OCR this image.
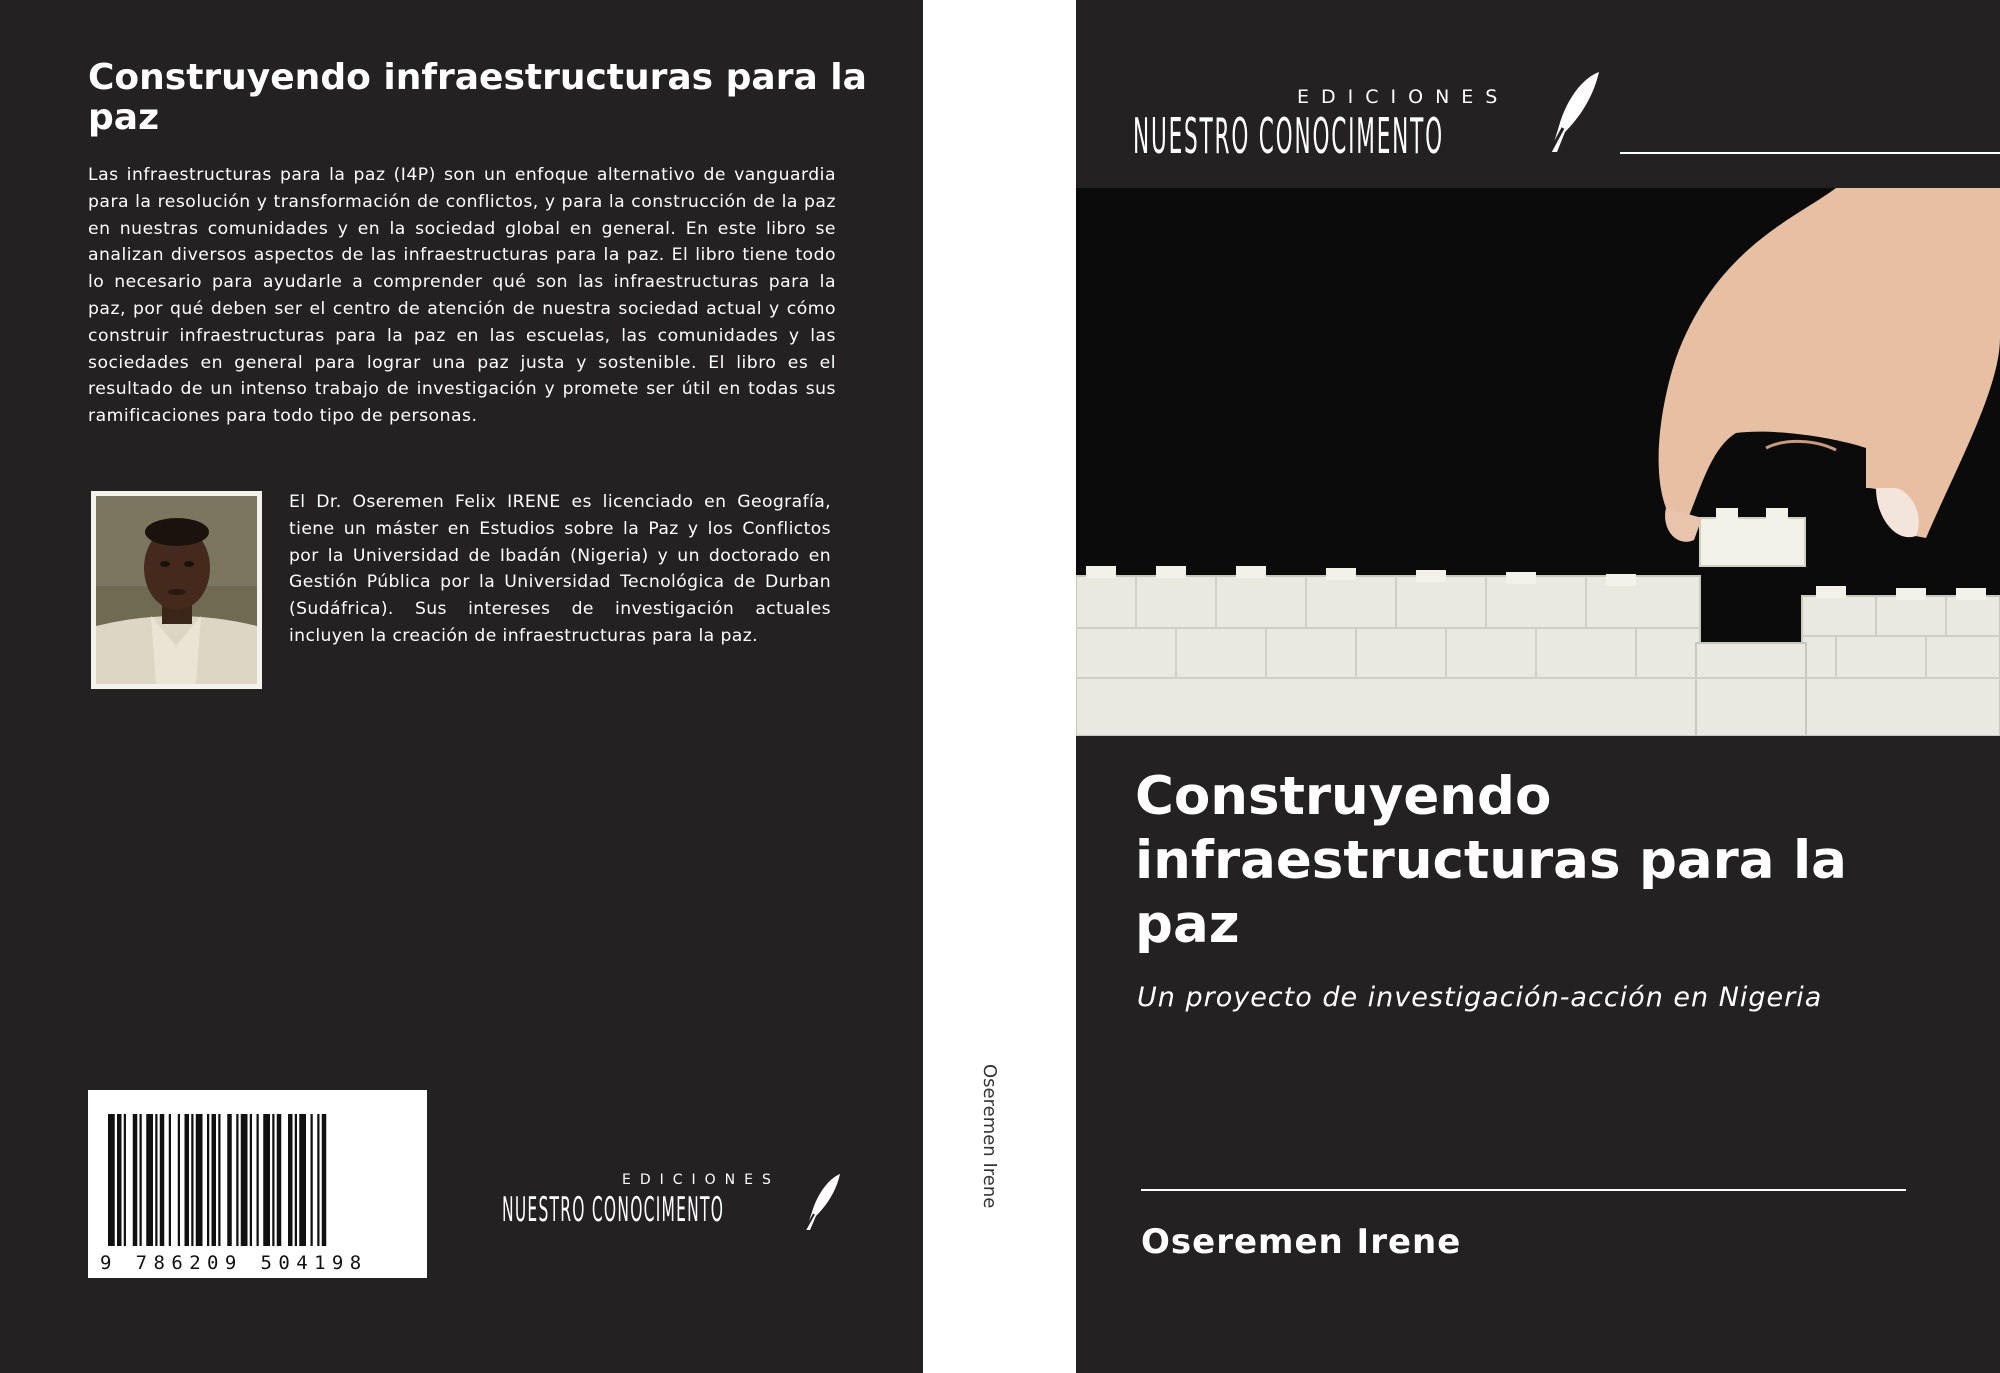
Construyendo infraestructuras para la paz

Las infraestructuras para la paz (I4P) son un enfoque alternativo de vanguardia para la resolución y transformación de conflictos, y para la construcción de la paz en nuestras comunidades y en la sociedad global en general. En este libro se analizan diversos aspectos de las infraestructuras para la paz. El libro tiene todo lo necesario para ayudarle a comprender qué son las infraestructuras para la paz, por qué deben ser el centro de atención de nuestra sociedad actual y cómo construir infraestructuras para la paz en las escuelas, las comunidades y las sociedades en general para lograr una paz justa y sostenible. El libro es el resultado de un intenso trabajo de investigación y promete ser útil en todas sus ramificaciones para todo tipo de personas.

El Dr. Oseremen Felix IRENE es licenciado en Geografía, tiene un máster en Estudios sobre la Paz y los Conflictos por la Universidad de Ibadán (Nigeria) y un doctorado en Gestión Pública por la Universidad Tecnológica de Durban (Sudáfrica). Sus intereses de investigación actuales incluyen la creación de infraestructuras para la paz.

9 786209 504198
EDICIONES
NUESTRO CONOCIMENTO
Oseremen Irene
EDICIONES
NUESTRO CONOCIMENTO
Construyendo infraestructuras para la paz

Un proyecto de investigación-acción en Nigeria

Oseremen Irene
